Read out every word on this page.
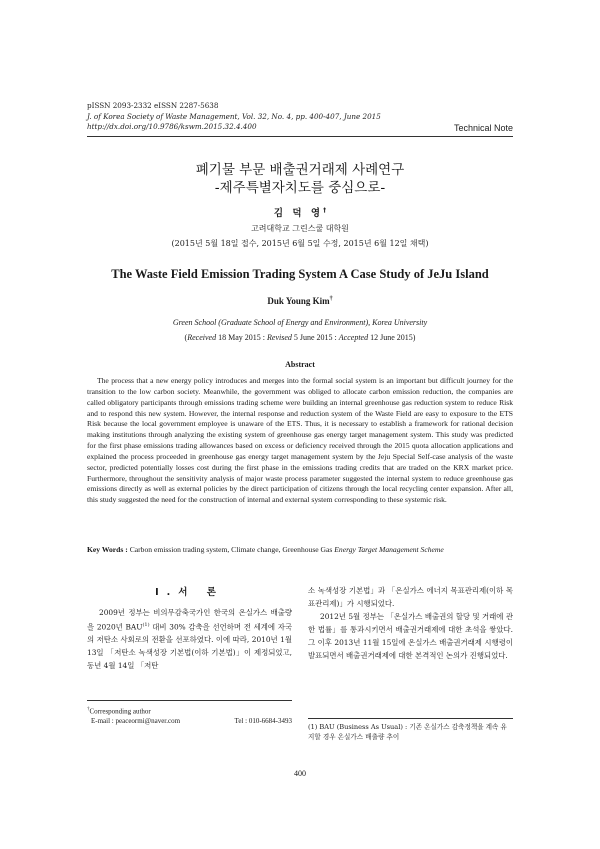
pISSN 2093-2332 eISSN 2287-5638
J. of Korea Society of Waste Management, Vol. 32, No. 4, pp. 400-407, June 2015
http://dx.doi.org/10.9786/kswm.2015.32.4.400	Technical Note
폐기물 부문 배출권거래제 사례연구
-제주특별자치도를 중심으로-
김 덕 영†
고려대학교 그린스쿨 대학원
(2015년 5월 18일 접수, 2015년 6월 5일 수정, 2015년 6월 12일 채택)
The Waste Field Emission Trading System A Case Study of JeJu Island
Duk Young Kim†
Green School (Graduate School of Energy and Environment), Korea University
(Received 18 May 2015 : Revised 5 June 2015 : Accepted 12 June 2015)
Abstract
The process that a new energy policy introduces and merges into the formal social system is an important but difficult journey for the transition to the low carbon society. Meanwhile, the government was obliged to allocate carbon emission reduction, the companies are called obligatory participants through emissions trading scheme were building an internal greenhouse gas reduction system to reduce Risk and to respond this new system. However, the internal response and reduction system of the Waste Field are easy to exposure to the ETS Risk because the local government employee is unaware of the ETS. Thus, it is necessary to establish a framework for rational decision making institutions through analyzing the existing system of greenhouse gas energy target management system. This study was predicted for the first phase emissions trading allowances based on excess or deficiency received through the 2015 quota allocation applications and explained the process proceeded in greenhouse gas energy target management system by the Jeju Special Self-case analysis of the waste sector, predicted potentially losses cost during the first phase in the emissions trading credits that are traded on the KRX market price. Furthermore, throughout the sensitivity analysis of major waste process parameter suggested the internal system to reduce greenhouse gas emissions directly as well as external policies by the direct participation of citizens through the local recycling center expansion. After all, this study suggested the need for the construction of internal and external system corresponding to these systemic risk.
Key Words : Carbon emission trading system, Climate change, Greenhouse Gas Energy Target Management Scheme
I.서 론

2009년 정부는 비의무감축국가인 한국의 온실가스 배출량을 2020년 BAU$^{(1)}$ 대비 30% 감축을 선언하며 전 세계에 자국의 저탄소 사회로의 전환을 선포하였다. 이에 따라, 2010년 1월 13일 「저탄소 녹색성장 기본법(이하 기본법)」이 제정되었고, 동년 4월 14일 「저탄

소 녹색성장 기본법」과 「온실가스 에너지 목표관리제(이하 목표관리제)」가 시행되었다.

2012년 5월 정부는 「온실가스 배출권의 할당 및 거래에 관한 법률」를 통과시키면서 배출권거래제에 대한 초석을 쌓았다. 그 이후 2013년 11월 15일에 온실가스 배출권거래제 시행령이 발표되면서 배출권거래제에 대한 본격적인 논의가 진행되었다.

†Corresponding author
E-mail : peaceormi@naver.com	Tel : 010-6684-3493
(1) BAU (Business As Usual) : 기존 온실가스 감축정책을 계속 유지할 경우 온실가스 배출량 추이
400
